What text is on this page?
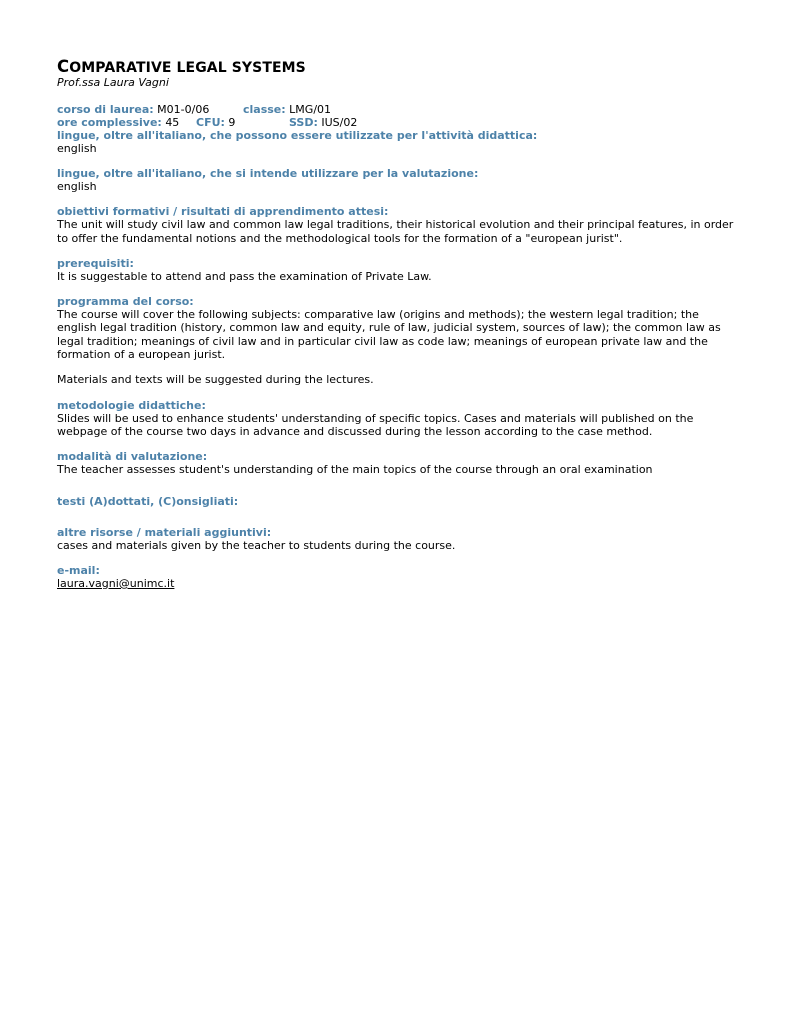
COMPARATIVE LEGAL SYSTEMS

Prof.ssa Laura Vagni

corso di laurea: M01-0/06	classe: LMG/01
ore complessive: 45 CFU: 9	SSD: IUS/02
lingue, oltre all'italiano, che possono essere utilizzate per l'attività didattica:
english
lingue, oltre all'italiano, che si intende utilizzare per la valutazione:
english
obiettivi formativi / risultati di apprendimento attesi:
The unit will study civil law and common law legal traditions, their historical evolution and their principal features, in order to offer the fundamental notions and the methodological tools for the formation of a "european jurist".
prerequisiti:
It is suggestable to attend and pass the examination of Private Law.
programma del corso:
The course will cover the following subjects: comparative law (origins and methods); the western legal tradition; the english legal tradition (history, common law and equity, rule of law, judicial system, sources of law); the common law as legal tradition; meanings of civil law and in particular civil law as code law; meanings of european private law and the formation of a european jurist.
Materials and texts will be suggested during the lectures.
metodologie didattiche:
Slides will be used to enhance students' understanding of specific topics. Cases and materials will published on the webpage of the course two days in advance and discussed during the lesson according to the case method.
modalità di valutazione:
The teacher assesses student's understanding of the main topics of the course through an oral examination
testi (A)dottati, (C)onsigliati:
altre risorse / materiali aggiuntivi:
cases and materials given by the teacher to students during the course.
e-mail:
laura.vagni@unimc.it
